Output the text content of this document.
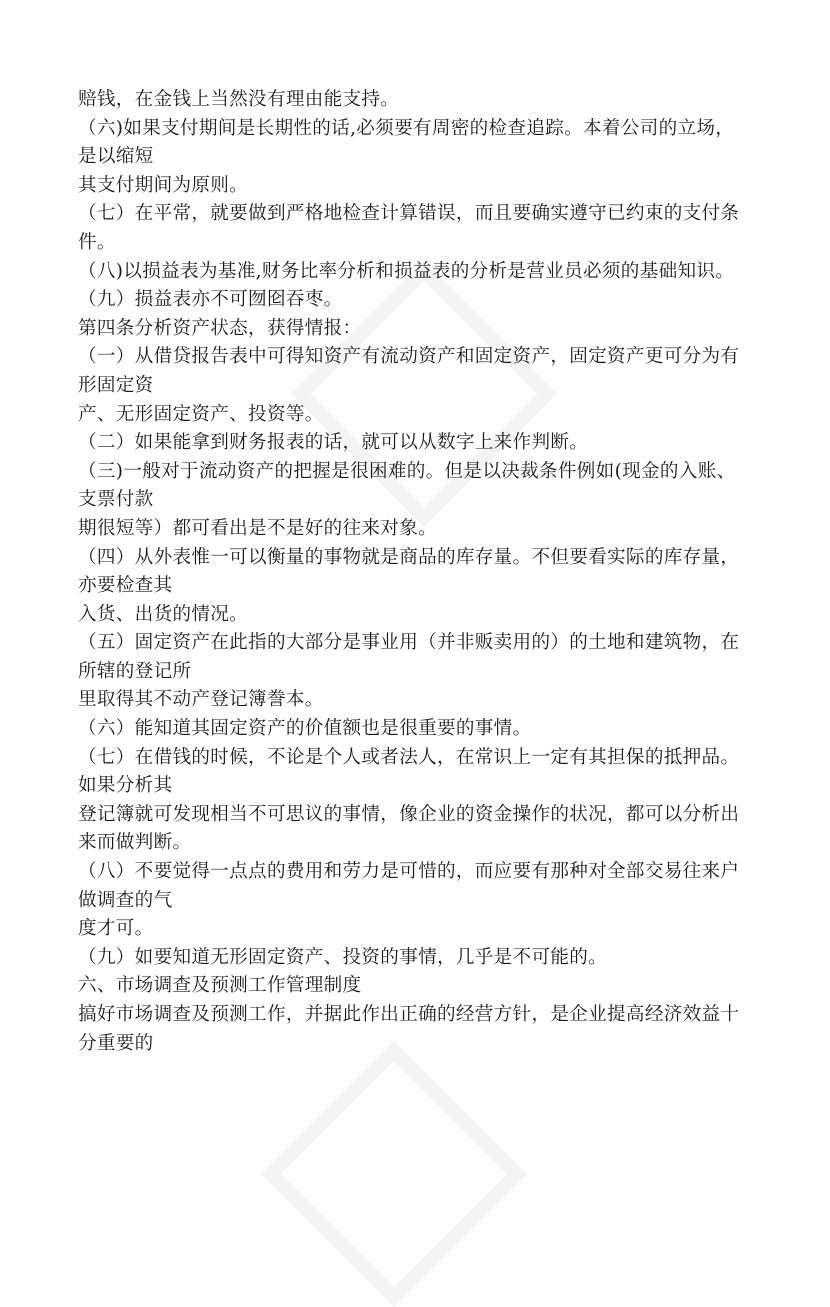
赔钱，在金钱上当然没有理由能支持。
（六)如果支付期间是长期性的话,必须要有周密的检查追踪。本着公司的立场，
是以缩短
其支付期间为原则。
（七）在平常，就要做到严格地检查计算错误，而且要确实遵守已约束的支付条
件。
（八)以损益表为基准,财务比率分析和损益表的分析是营业员必须的基础知识。
（九）损益表亦不可囫囵吞枣。
第四条分析资产状态，获得情报：
（一）从借贷报告表中可得知资产有流动资产和固定资产，固定资产更可分为有
形固定资
产、无形固定资产、投资等。
（二）如果能拿到财务报表的话，就可以从数字上来作判断。
（三)一般对于流动资产的把握是很困难的。但是以决裁条件例如(现金的入账、
支票付款
期很短等）都可看出是不是好的往来对象。
（四）从外表惟一可以衡量的事物就是商品的库存量。不但要看实际的库存量，
亦要检查其
入货、出货的情况。
（五）固定资产在此指的大部分是事业用（并非贩卖用的）的土地和建筑物，在
所辖的登记所
里取得其不动产登记簿誊本。
（六）能知道其固定资产的价值额也是很重要的事情。
（七）在借钱的时候，不论是个人或者法人，在常识上一定有其担保的抵押品。
如果分析其
登记簿就可发现相当不可思议的事情，像企业的资金操作的状况，都可以分析出
来而做判断。
（八）不要觉得一点点的费用和劳力是可惜的，而应要有那种对全部交易往来户
做调查的气
度才可。
（九）如要知道无形固定资产、投资的事情，几乎是不可能的。
六、市场调查及预测工作管理制度
搞好市场调查及预测工作，并据此作出正确的经营方针，是企业提高经济效益十
分重要的
